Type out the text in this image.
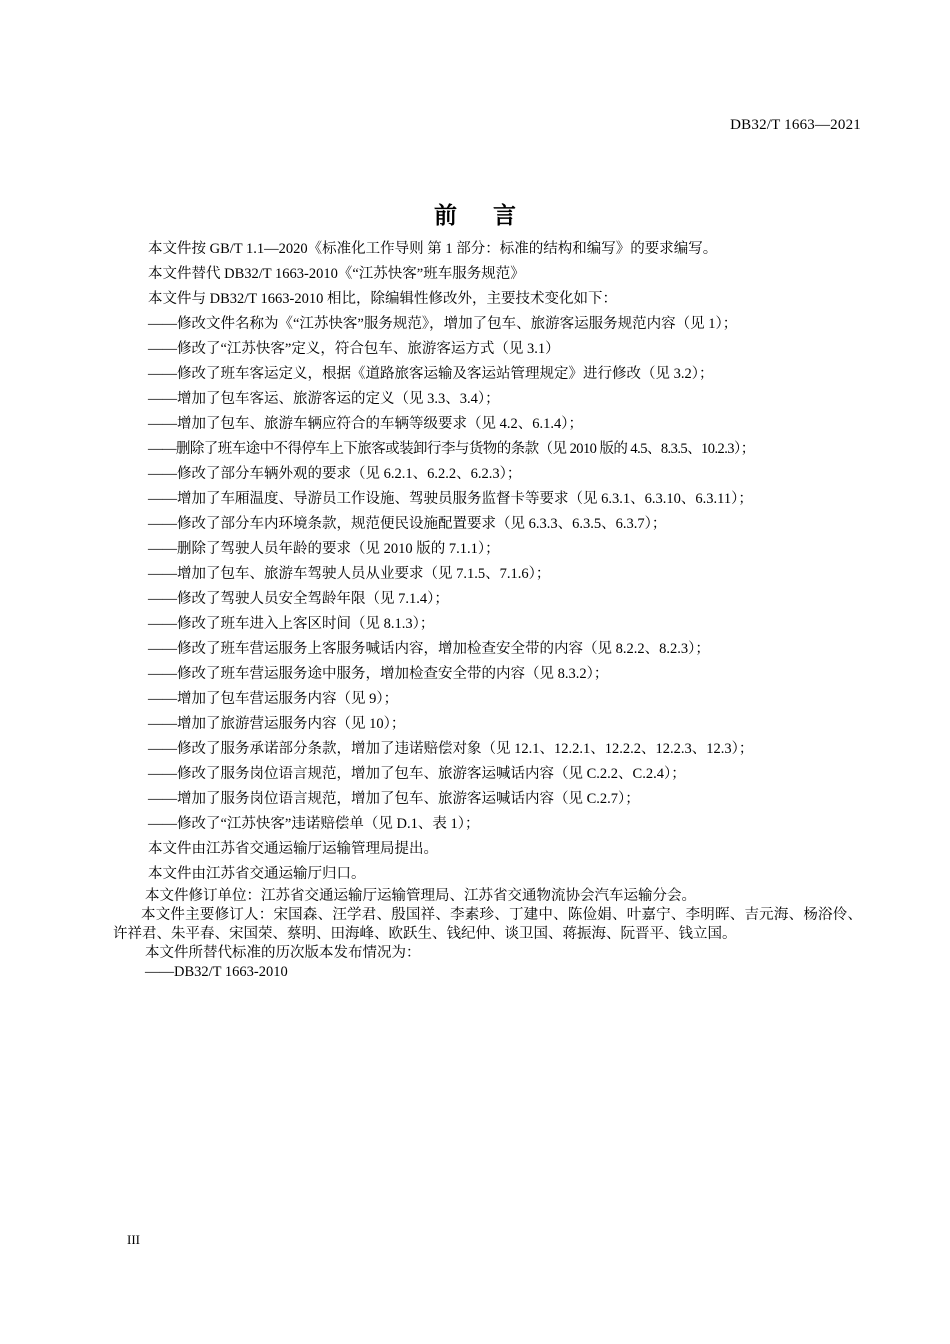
DB32/T 1663—2021
前言
本文件按 GB/T 1.1—2020《标准化工作导则 第 1 部分：标准的结构和编写》的要求编写。
本文件替代 DB32/T 1663-2010《“江苏快客”班车服务规范》
本文件与 DB32/T 1663-2010 相比，除编辑性修改外，主要技术变化如下：
——修改文件名称为《“江苏快客”服务规范》，增加了包车、旅游客运服务规范内容（见 1）；
——修改了“江苏快客”定义，符合包车、旅游客运方式（见 3.1）
——修改了班车客运定义，根据《道路旅客运输及客运站管理规定》进行修改（见 3.2）；
——增加了包车客运、旅游客运的定义（见 3.3、3.4）；
——增加了包车、旅游车辆应符合的车辆等级要求（见 4.2、6.1.4）；
——删除了班车途中不得停车上下旅客或装卸行李与货物的条款（见 2010 版的 4.5、8.3.5、10.2.3）；
——修改了部分车辆外观的要求（见 6.2.1、6.2.2、6.2.3）；
——增加了车厢温度、导游员工作设施、驾驶员服务监督卡等要求（见 6.3.1、6.3.10、6.3.11）；
——修改了部分车内环境条款，规范便民设施配置要求（见 6.3.3、6.3.5、6.3.7）；
——删除了驾驶人员年龄的要求（见 2010 版的 7.1.1）；
——增加了包车、旅游车驾驶人员从业要求（见 7.1.5、7.1.6）；
——修改了驾驶人员安全驾龄年限（见 7.1.4）；
——修改了班车进入上客区时间（见 8.1.3）；
——修改了班车营运服务上客服务喊话内容，增加检查安全带的内容（见 8.2.2、8.2.3）；
——修改了班车营运服务途中服务，增加检查安全带的内容（见 8.3.2）；
——增加了包车营运服务内容（见 9）；
——增加了旅游营运服务内容（见 10）；
——修改了服务承诺部分条款，增加了违诺赔偿对象（见 12.1、12.2.1、12.2.2、12.2.3、12.3）；
——修改了服务岗位语言规范，增加了包车、旅游客运喊话内容（见 C.2.2、C.2.4）；
——增加了服务岗位语言规范，增加了包车、旅游客运喊话内容（见 C.2.7）；
——修改了“江苏快客”违诺赔偿单（见 D.1、表 1）；
本文件由江苏省交通运输厅运输管理局提出。
本文件由江苏省交通运输厅归口。
本文件修订单位：江苏省交通运输厅运输管理局、江苏省交通物流协会汽车运输分会。
本文件主要修订人：宋国森、汪学君、殷国祥、李素珍、丁建中、陈俭娟、叶嘉宁、李明晖、吉元海、杨浴伶、许祥君、朱平春、宋国荣、蔡明、田海峰、欧跃生、钱纪仲、谈卫国、蒋振海、阮晋平、钱立国。
本文件所替代标准的历次版本发布情况为：
——DB32/T 1663-2010
III
